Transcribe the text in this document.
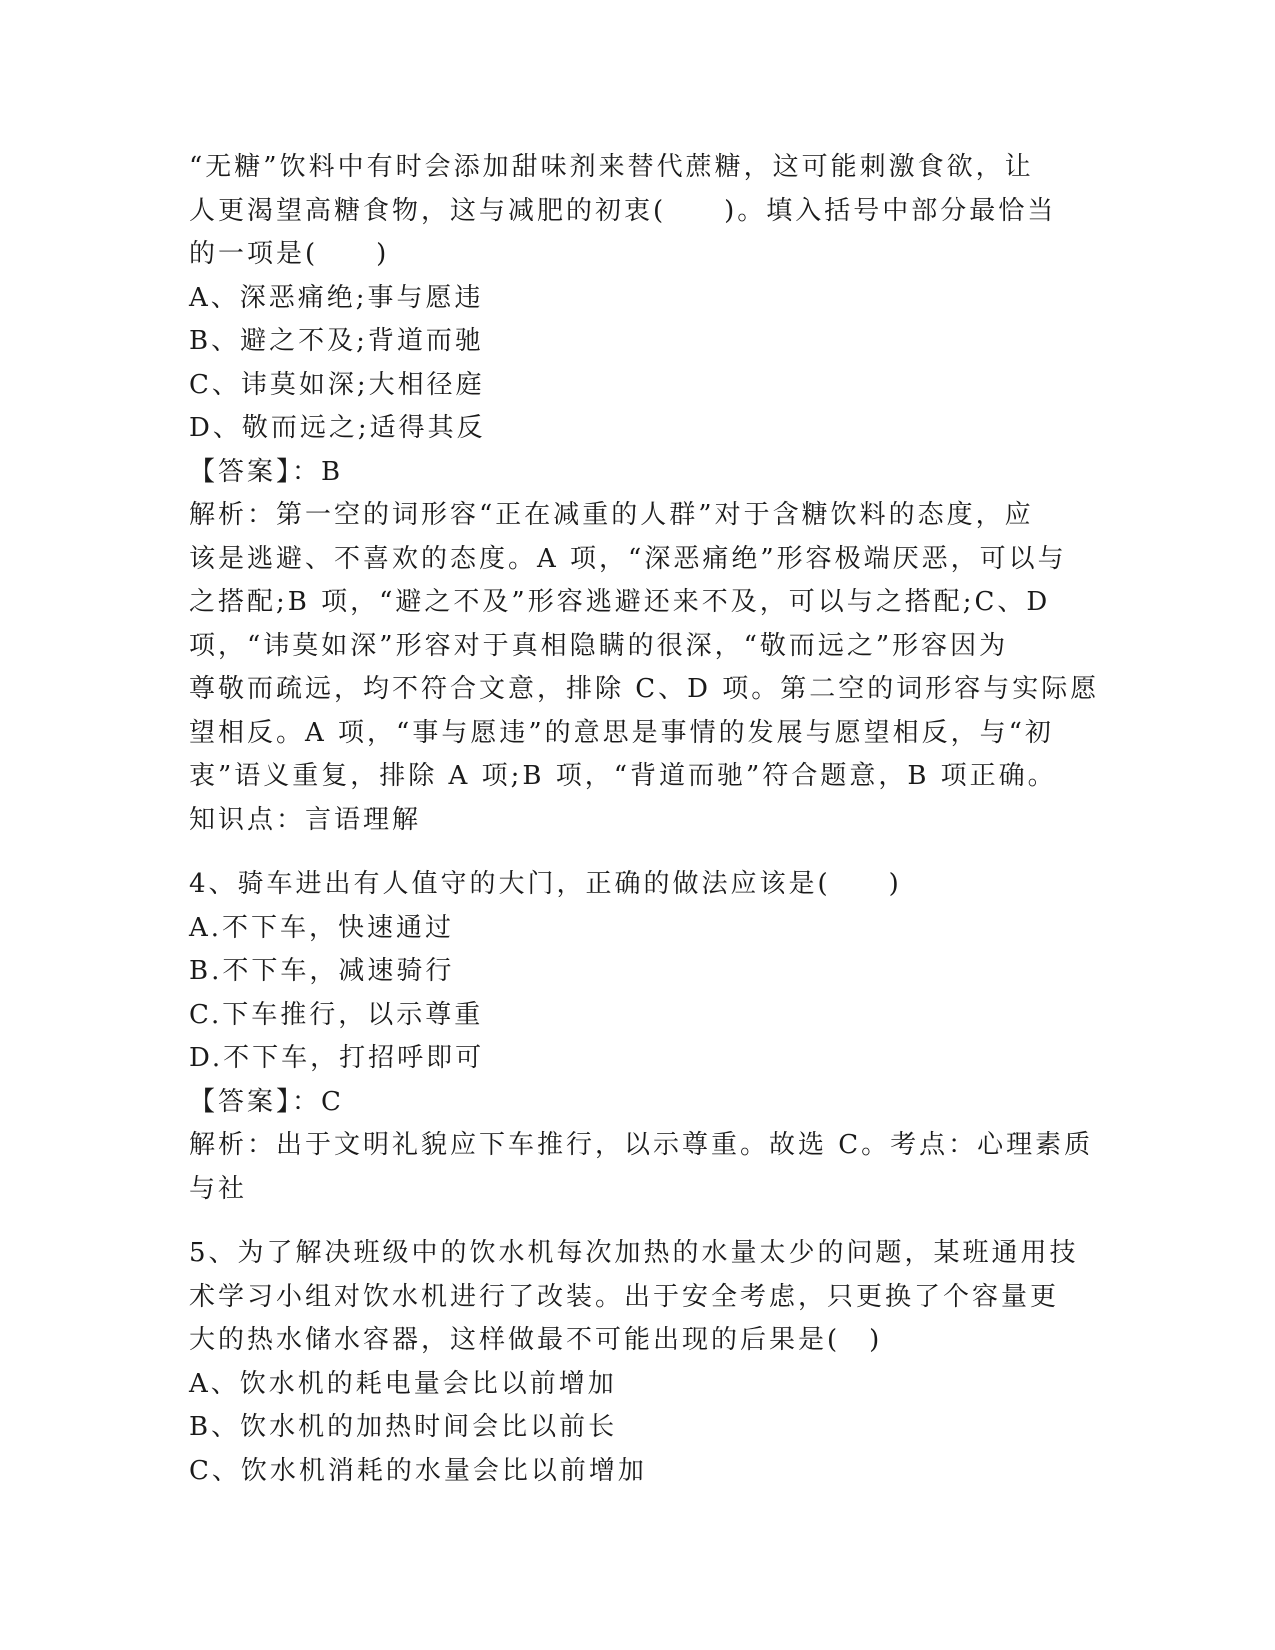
“无糖”饮料中有时会添加甜味剂来替代蔗糖，这可能刺激食欲，让
人更渴望高糖食物，这与减肥的初衷(　　)。填入括号中部分最恰当
的一项是(　　)
A、深恶痛绝;事与愿违
B、避之不及;背道而驰
C、讳莫如深;大相径庭
D、敬而远之;适得其反
【答案】：B
解析：第一空的词形容“正在减重的人群”对于含糖饮料的态度，应
该是逃避、不喜欢的态度。A 项，“深恶痛绝”形容极端厌恶，可以与
之搭配;B 项，“避之不及”形容逃避还来不及，可以与之搭配;C、D
项，“讳莫如深”形容对于真相隐瞒的很深，“敬而远之”形容因为
尊敬而疏远，均不符合文意，排除 C、D 项。第二空的词形容与实际愿
望相反。A 项，“事与愿违”的意思是事情的发展与愿望相反，与“初
衷”语义重复，排除 A 项;B 项，“背道而驰”符合题意，B 项正确。
知识点：言语理解
4、骑车进出有人值守的大门，正确的做法应该是(　　)
A.不下车，快速通过
B.不下车，减速骑行
C.下车推行，以示尊重
D.不下车，打招呼即可
【答案】：C
解析：出于文明礼貌应下车推行，以示尊重。故选 C。考点：心理素质
与社
5、为了解决班级中的饮水机每次加热的水量太少的问题，某班通用技
术学习小组对饮水机进行了改装。出于安全考虑，只更换了个容量更
大的热水储水容器，这样做最不可能出现的后果是(　)
A、饮水机的耗电量会比以前增加
B、饮水机的加热时间会比以前长
C、饮水机消耗的水量会比以前增加
